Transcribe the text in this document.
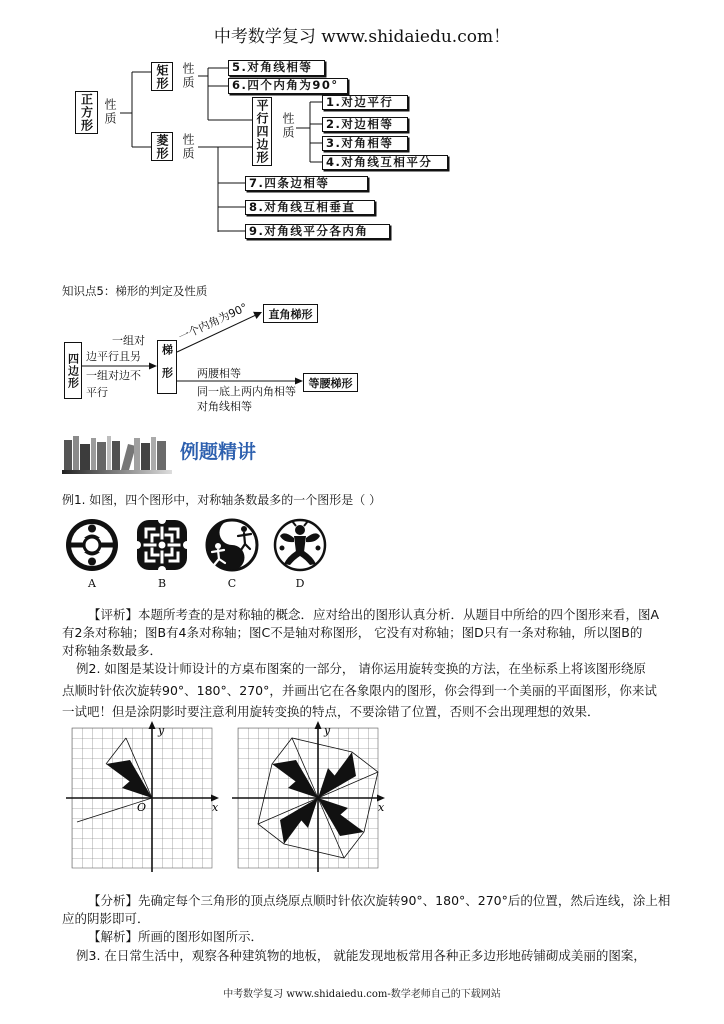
中考数学复习 www.shidaiedu.com！
正方形 性质
矩形	性质
菱形	性质	平行四边形 性质
1.对边平行
2.对边相等
3.对角相等
4.对角线互相平分
5.对角线相等
6.四个内角为90°
7.四条边相等
8.对角线互相垂直
9.对角线平分各内角
知识点5：梯形的判定及性质
四边形
一组对
边平行且另
一组对边不
平行
梯形
一个内角为90°	直角梯形
两腰相等
同一底上两内角相等
对角线相等
等腰梯形
例题精讲
例1. 如图，四个图形中，对称轴条数最多的一个图形是（ ）
A	B	C	D
【评析】本题所考查的是对称轴的概念．应对给出的图形认真分析．从题目中所给的四个图形来看，图A
有2条对称轴；图B有4条对称轴；图C不是轴对称图形， 它没有对称轴；图D只有一条对称轴，所以图B的
对称轴条数最多．
例2. 如图是某设计师设计的方桌布图案的一部分， 请你运用旋转变换的方法，在坐标系上将该图形绕原
点顺时针依次旋转90°、180°、270°，并画出它在各象限内的图形，你会得到一个美丽的平面图形，你来试
一试吧！但是涂阴影时要注意利用旋转变换的特点，不要涂错了位置，否则不会出现理想的效果．
y
x
O
y
x
【分析】先确定每个三角形的顶点绕原点顺时针依次旋转90°、180°、270°后的位置，然后连线，涂上相
应的阴影即可．
【解析】所画的图形如图所示．
例3. 在日常生活中，观察各种建筑物的地板， 就能发现地板常用各种正多边形地砖铺砌成美丽的图案，
中考数学复习 www.shidaiedu.com-数学老师自己的下载网站
